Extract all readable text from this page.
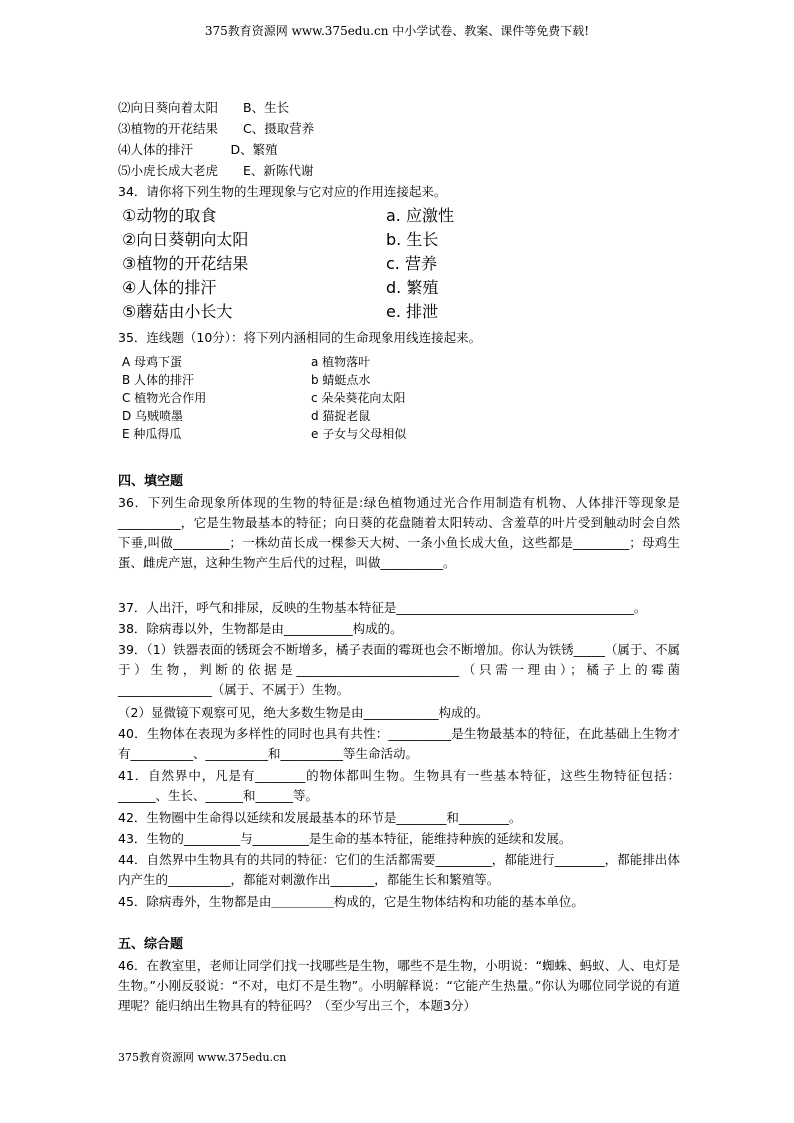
375教育资源网 www.375edu.cn 中小学试卷、教案、课件等免费下载!
⑵向日葵向着太阳　　B、生长
⑶植物的开花结果　　C、摄取营养
⑷人体的排汗　　　D、繁殖
⑸小虎长成大老虎　　E、新陈代谢
34．请你将下列生物的生理现象与它对应的作用连接起来。
①动物的取食
②向日葵朝向太阳
③植物的开花结果
④人体的排汗
⑤蘑菇由小长大
a. 应激性
b. 生长
c. 营养
d. 繁殖
e. 排泄
35．连线题（10分）：将下列内涵相同的生命现象用线连接起来。
A 母鸡下蛋
B 人体的排汗
C 植物光合作用
D 乌贼喷墨
E 种瓜得瓜
a 植物落叶
b 蜻蜓点水
c 朵朵葵花向太阳
d 猫捉老鼠
e 子女与父母相似
四、填空题
36．下列生命现象所体现的生物的特征是:绿色植物通过光合作用制造有机物、人体排汗等现象是__________，它是生物最基本的特征；向日葵的花盘随着太阳转动、含羞草的叶片受到触动时会自然下垂,叫做_________；一株幼苗长成一棵参天大树、一条小鱼长成大鱼，这些都是_________；母鸡生蛋、雌虎产崽，这种生物产生后代的过程，叫做__________。
37．人出汗，呼气和排尿，反映的生物基本特征是______________________________________。
38．除病毒以外，生物都是由___________构成的。
39．（1）铁器表面的锈斑会不断增多，橘子表面的霉斑也会不断增加。你认为铁锈_____（属于、不属于）生物，判断的依据是__________________________（只需一理由）；橘子上的霉菌_______________（属于、不属于）生物。
（2）显微镜下观察可见，绝大多数生物是由____________构成的。
40．生物体在表现为多样性的同时也具有共性：__________是生物最基本的特征，在此基础上生物才有__________、__________和__________等生命活动。
41．自然界中，凡是有________的物体都叫生物。生物具有一些基本特征，这些生物特征包括：______、生长、______和______等。
42．生物圈中生命得以延续和发展最基本的环节是________和________。
43．生物的_________与_________是生命的基本特征，能维持种族的延续和发展。
44．自然界中生物具有的共同的特征：它们的生活都需要_________，都能进行________，都能排出体内产生的__________，都能对刺激作出_______，都能生长和繁殖等。
45．除病毒外，生物都是由＿＿＿＿＿构成的，它是生物体结构和功能的基本单位。
五、综合题
46．在教室里，老师让同学们找一找哪些是生物，哪些不是生物，小明说：“蜘蛛、蚂蚁、人、电灯是生物。”小刚反驳说：“不对，电灯不是生物”。小明解释说：“它能产生热量。”你认为哪位同学说的有道理呢？能归纳出生物具有的特征吗？（至少写出三个，本题3分）
375教育资源网 www.375edu.cn
